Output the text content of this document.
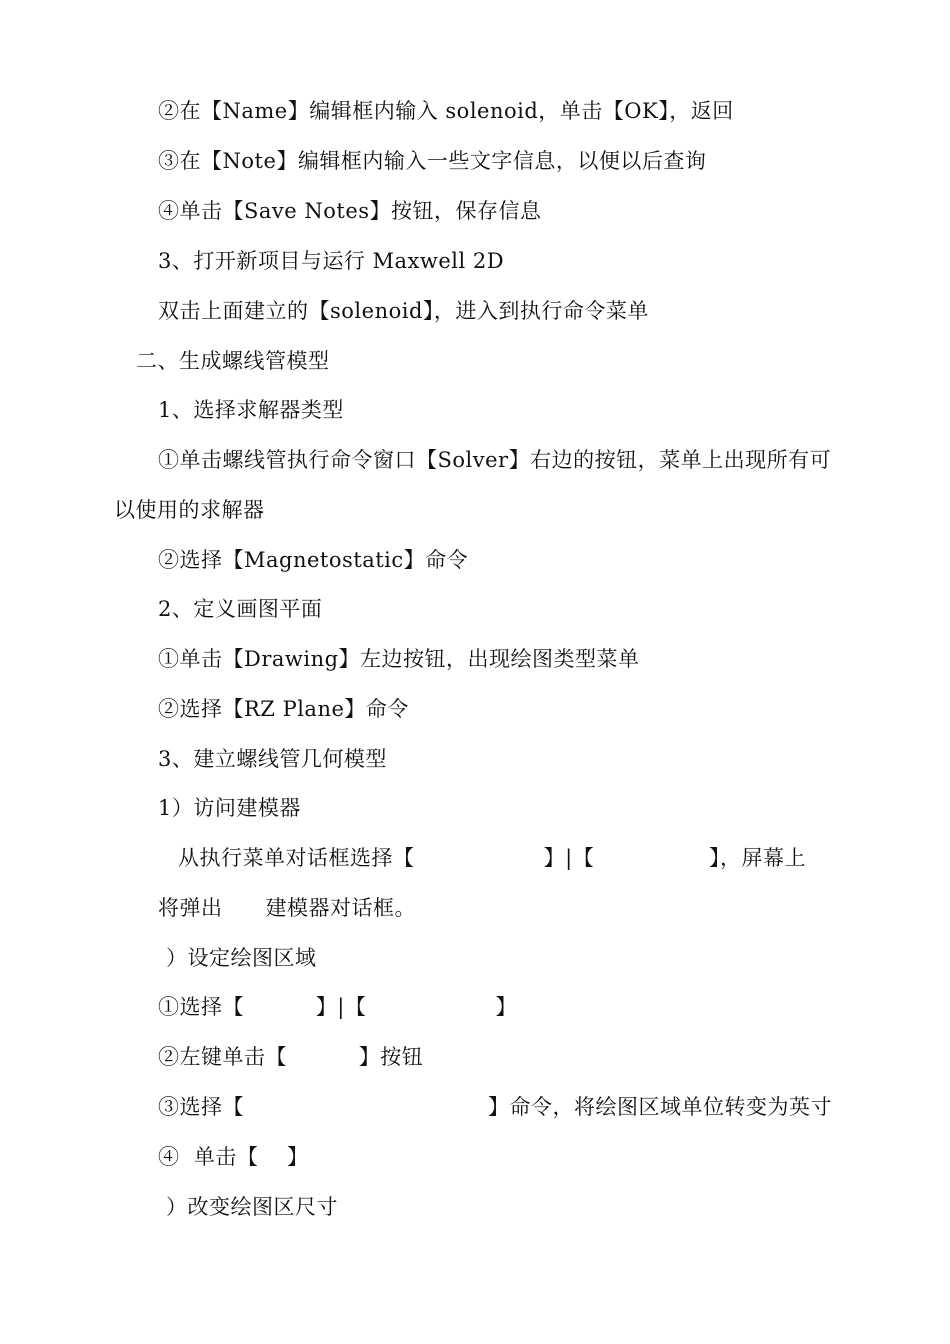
②在【Name】编辑框内输入 solenoid，单击【OK】，返回
③在【Note】编辑框内输入一些文字信息，以便以后查询
④单击【Save Notes】按钮，保存信息
3、打开新项目与运行 Maxwell 2D
双击上面建立的【solenoid】，进入到执行命令菜单
二、生成螺线管模型
1、选择求解器类型
①单击螺线管执行命令窗口【Solver】右边的按钮，菜单上出现所有可
以使用的求解器
②选择【Magnetostatic】命令
2、定义画图平面
①单击【Drawing】左边按钮，出现绘图类型菜单
②选择【RZ Plane】命令
3、建立螺线管几何模型
1）访问建模器
从执行菜单对话框选择【                  】|【                】，屏幕上
将弹出      建模器对话框。
）设定绘图区域
①选择【          】|【                  】
②左键单击【          】按钮
③选择【                                  】命令，将绘图区域单位转变为英寸
④  单击【    】
）改变绘图区尺寸
